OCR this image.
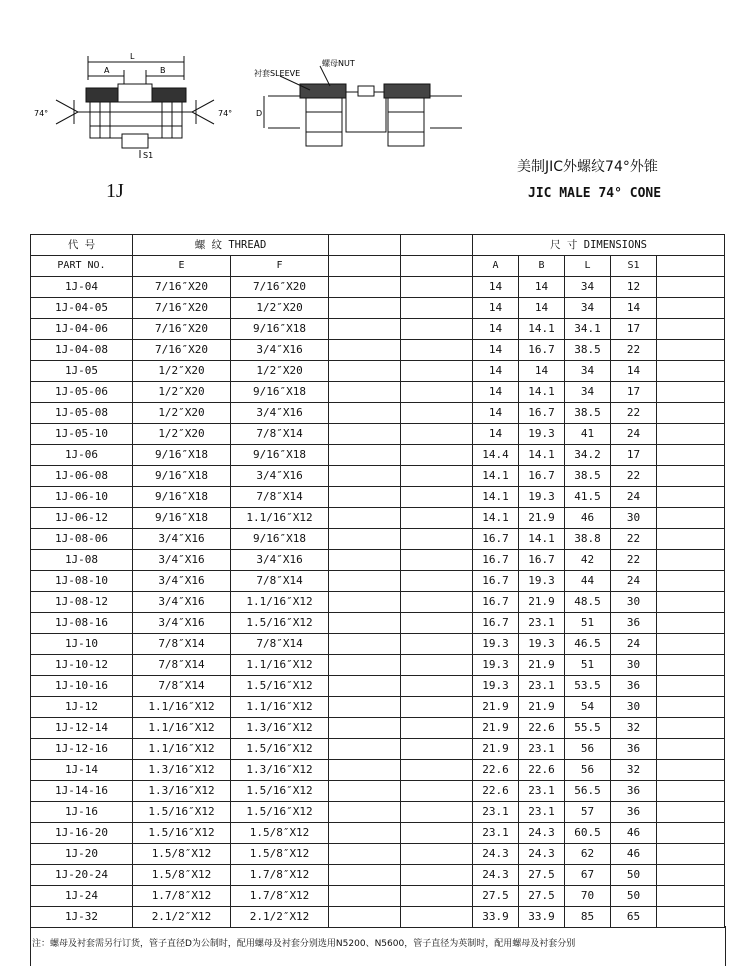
L
A	B
74°	74°
S1
衬套SLEEVE
螺母NUT
D
1J
美制JIC外螺纹74°外锥
JIC MALE 74° CONE
代 号	螺 纹 THREAD				尺 寸 DIMENSIONS				
PART NO.	E	F			A	B	L	S1	
1J-04	7/16″X20	7/16″X20			14	14	34	12	
1J-04-05	7/16″X20	1/2″X20			14	14	34	14	
1J-04-06	7/16″X20	9/16″X18			14	14.1	34.1	17	
1J-04-08	7/16″X20	3/4″X16			14	16.7	38.5	22	
1J-05	1/2″X20	1/2″X20			14	14	34	14	
1J-05-06	1/2″X20	9/16″X18			14	14.1	34	17	
1J-05-08	1/2″X20	3/4″X16			14	16.7	38.5	22	
1J-05-10	1/2″X20	7/8″X14			14	19.3	41	24	
1J-06	9/16″X18	9/16″X18			14.4	14.1	34.2	17	
1J-06-08	9/16″X18	3/4″X16			14.1	16.7	38.5	22	
1J-06-10	9/16″X18	7/8″X14			14.1	19.3	41.5	24	
1J-06-12	9/16″X18	1.1/16″X12			14.1	21.9	46	30	
1J-08-06	3/4″X16	9/16″X18			16.7	14.1	38.8	22	
1J-08	3/4″X16	3/4″X16			16.7	16.7	42	22	
1J-08-10	3/4″X16	7/8″X14			16.7	19.3	44	24	
1J-08-12	3/4″X16	1.1/16″X12			16.7	21.9	48.5	30	
1J-08-16	3/4″X16	1.5/16″X12			16.7	23.1	51	36	
1J-10	7/8″X14	7/8″X14			19.3	19.3	46.5	24	
1J-10-12	7/8″X14	1.1/16″X12			19.3	21.9	51	30	
1J-10-16	7/8″X14	1.5/16″X12			19.3	23.1	53.5	36	
1J-12	1.1/16″X12	1.1/16″X12			21.9	21.9	54	30	
1J-12-14	1.1/16″X12	1.3/16″X12			21.9	22.6	55.5	32	
1J-12-16	1.1/16″X12	1.5/16″X12			21.9	23.1	56	36	
1J-14	1.3/16″X12	1.3/16″X12			22.6	22.6	56	32	
1J-14-16	1.3/16″X12	1.5/16″X12			22.6	23.1	56.5	36	
1J-16	1.5/16″X12	1.5/16″X12			23.1	23.1	57	36	
1J-16-20	1.5/16″X12	1.5/8″X12			23.1	24.3	60.5	46	
1J-20	1.5/8″X12	1.5/8″X12			24.3	24.3	62	46	
1J-20-24	1.5/8″X12	1.7/8″X12			24.3	27.5	67	50	
1J-24	1.7/8″X12	1.7/8″X12			27.5	27.5	70	50	
1J-32	2.1/2″X12	2.1/2″X12			33.9	33.9	85	65	
注：螺母及衬套需另行订货，管子直径D为公制时，配用螺母及衬套分别选用N5200、N5600，管子直径为英制时，配用螺母及衬套分别
